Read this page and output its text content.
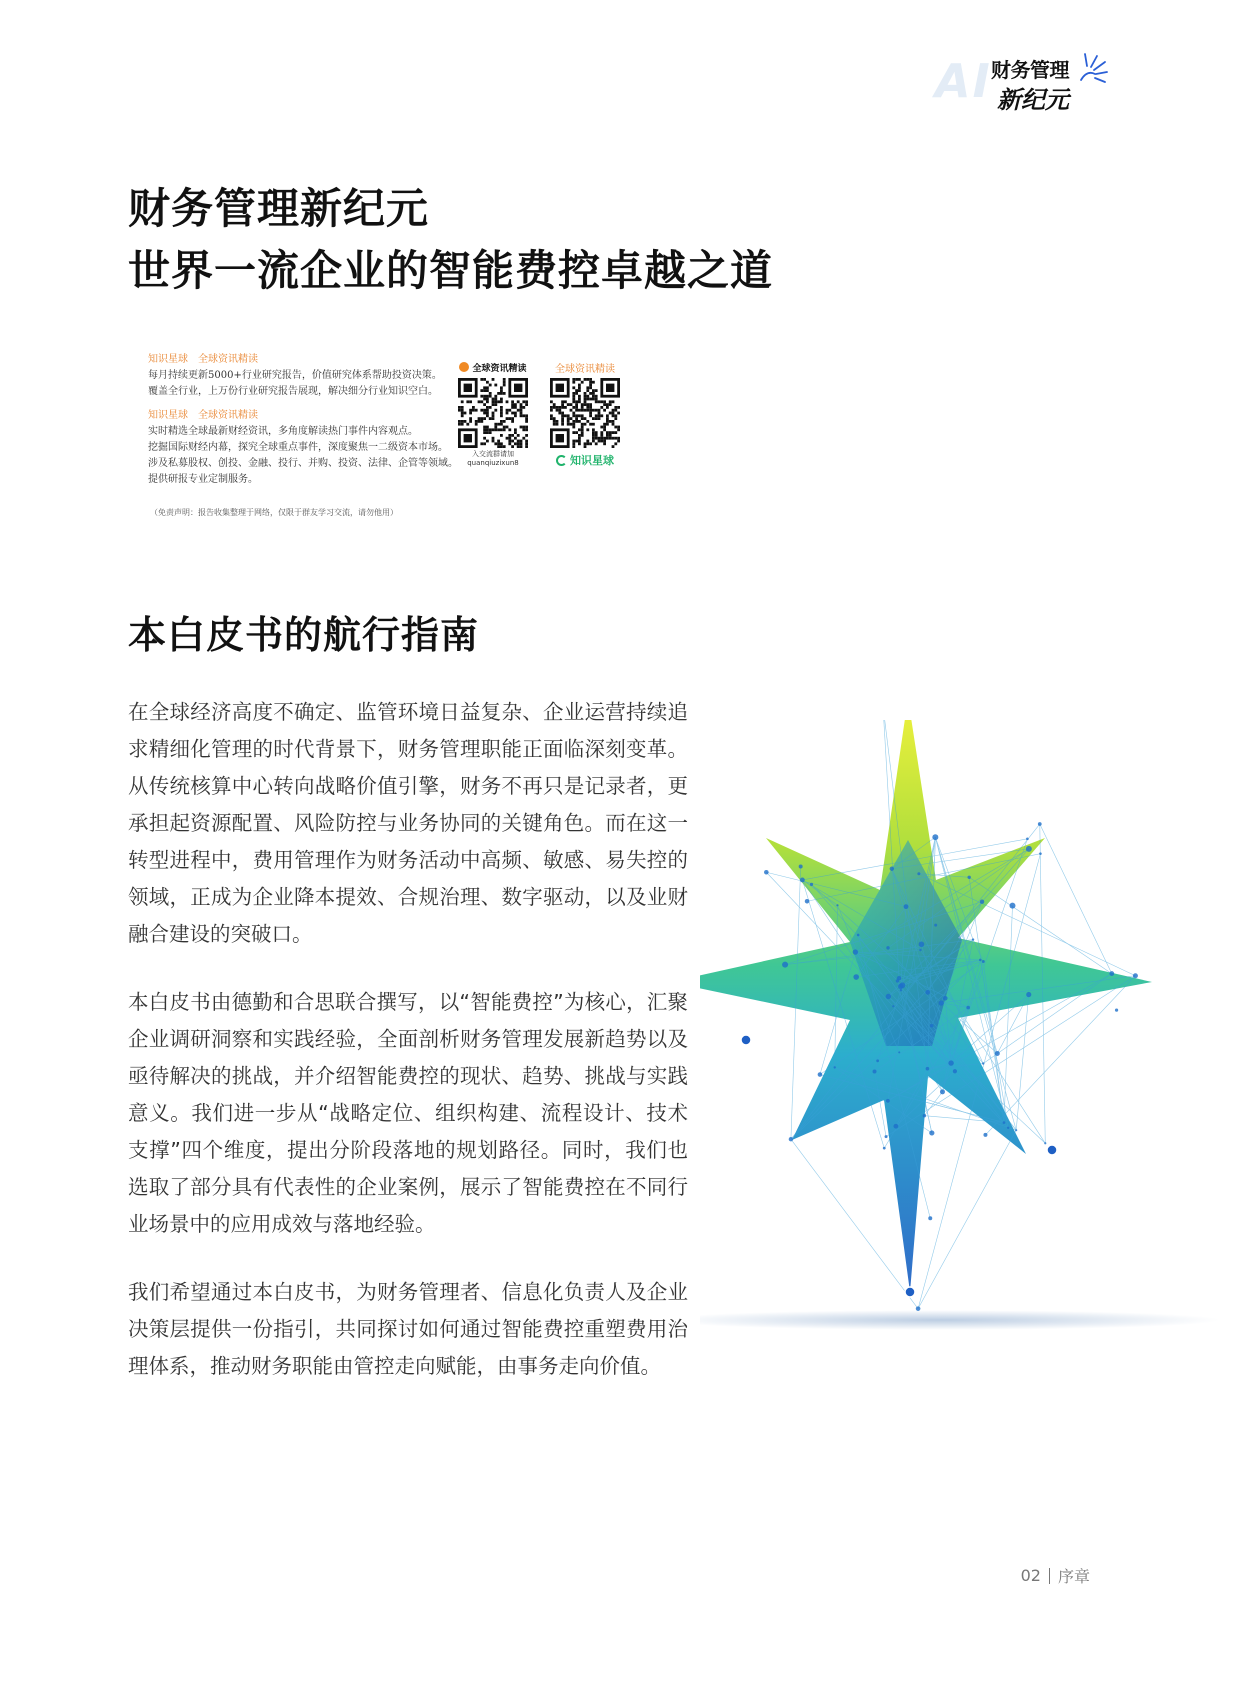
AI 财务管理
新纪元
财务管理新纪元
世界一流企业的智能费控卓越之道
知识星球　全球资讯精读
每月持续更新5000+行业研究报告，价值研究体系帮助投资决策。
覆盖全行业，上万份行业研究报告展现，解决细分行业知识空白。
知识星球　全球资讯精读
实时精选全球最新财经资讯，多角度解读热门事件内容观点。
挖掘国际财经内幕，探究全球重点事件，深度聚焦一二级资本市场。
涉及私募股权、创投、金融、投行、并购、投资、法律、企管等领域。
提供研报专业定制服务。
（免责声明：报告收集整理于网络，仅限于群友学习交流，请勿他用）
全球资讯精读
入交流群请加
quanqiuzixun8
全球资讯精读
知识星球
本白皮书的航行指南

在全球经济高度不确定、监管环境日益复杂、企业运营持续追求精细化管理的时代背景下，财务管理职能正面临深刻变革。从传统核算中心转向战略价值引擎，财务不再只是记录者，更承担起资源配置、风险防控与业务协同的关键角色。而在这一转型进程中，费用管理作为财务活动中高频、敏感、易失控的领域，正成为企业降本提效、合规治理、数字驱动，以及业财融合建设的突破口。

本白皮书由德勤和合思联合撰写，以“智能费控”为核心，汇聚企业调研洞察和实践经验，全面剖析财务管理发展新趋势以及亟待解决的挑战，并介绍智能费控的现状、趋势、挑战与实践意义。我们进一步从“战略定位、组织构建、流程设计、技术支撑”四个维度，提出分阶段落地的规划路径。同时，我们也选取了部分具有代表性的企业案例，展示了智能费控在不同行业场景中的应用成效与落地经验。

我们希望通过本白皮书，为财务管理者、信息化负责人及企业决策层提供一份指引，共同探讨如何通过智能费控重塑费用治理体系，推动财务职能由管控走向赋能，由事务走向价值。

02 序章
